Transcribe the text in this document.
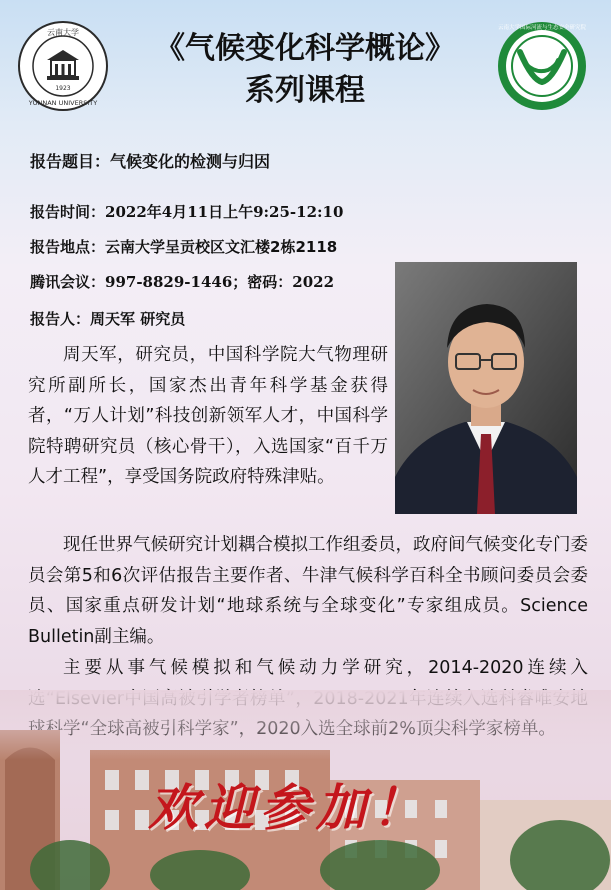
1923
云南大学
YUNNAN UNIVERSITY
《气候变化科学概论》
系列课程
云南大学国际河流与生态安全研究院
报告题目：气候变化的检测与归因
报告时间：2022年4月11日上午9:25-12:10
报告地点：云南大学呈贡校区文汇楼2栋2118
腾讯会议：997-8829-1446；密码：2022
报告人：周天军 研究员
周天军，研究员，中国科学院大气物理研究所副所长，国家杰出青年科学基金获得者，“万人计划”科技创新领军人才，中国科学院特聘研究员（核心骨干），入选国家“百千万人才工程”，享受国务院政府特殊津贴。
现任世界气候研究计划耦合模拟工作组委员，政府间气候变化专门委员会第5和6次评估报告主要作者、牛津气候科学百科全书顾问委员会委员、国家重点研发计划“地球系统与全球变化”专家组成员。Science Bulletin副主编。
主要从事气候模拟和气候动力学研究，2014-2020连续入
欢迎参加！
